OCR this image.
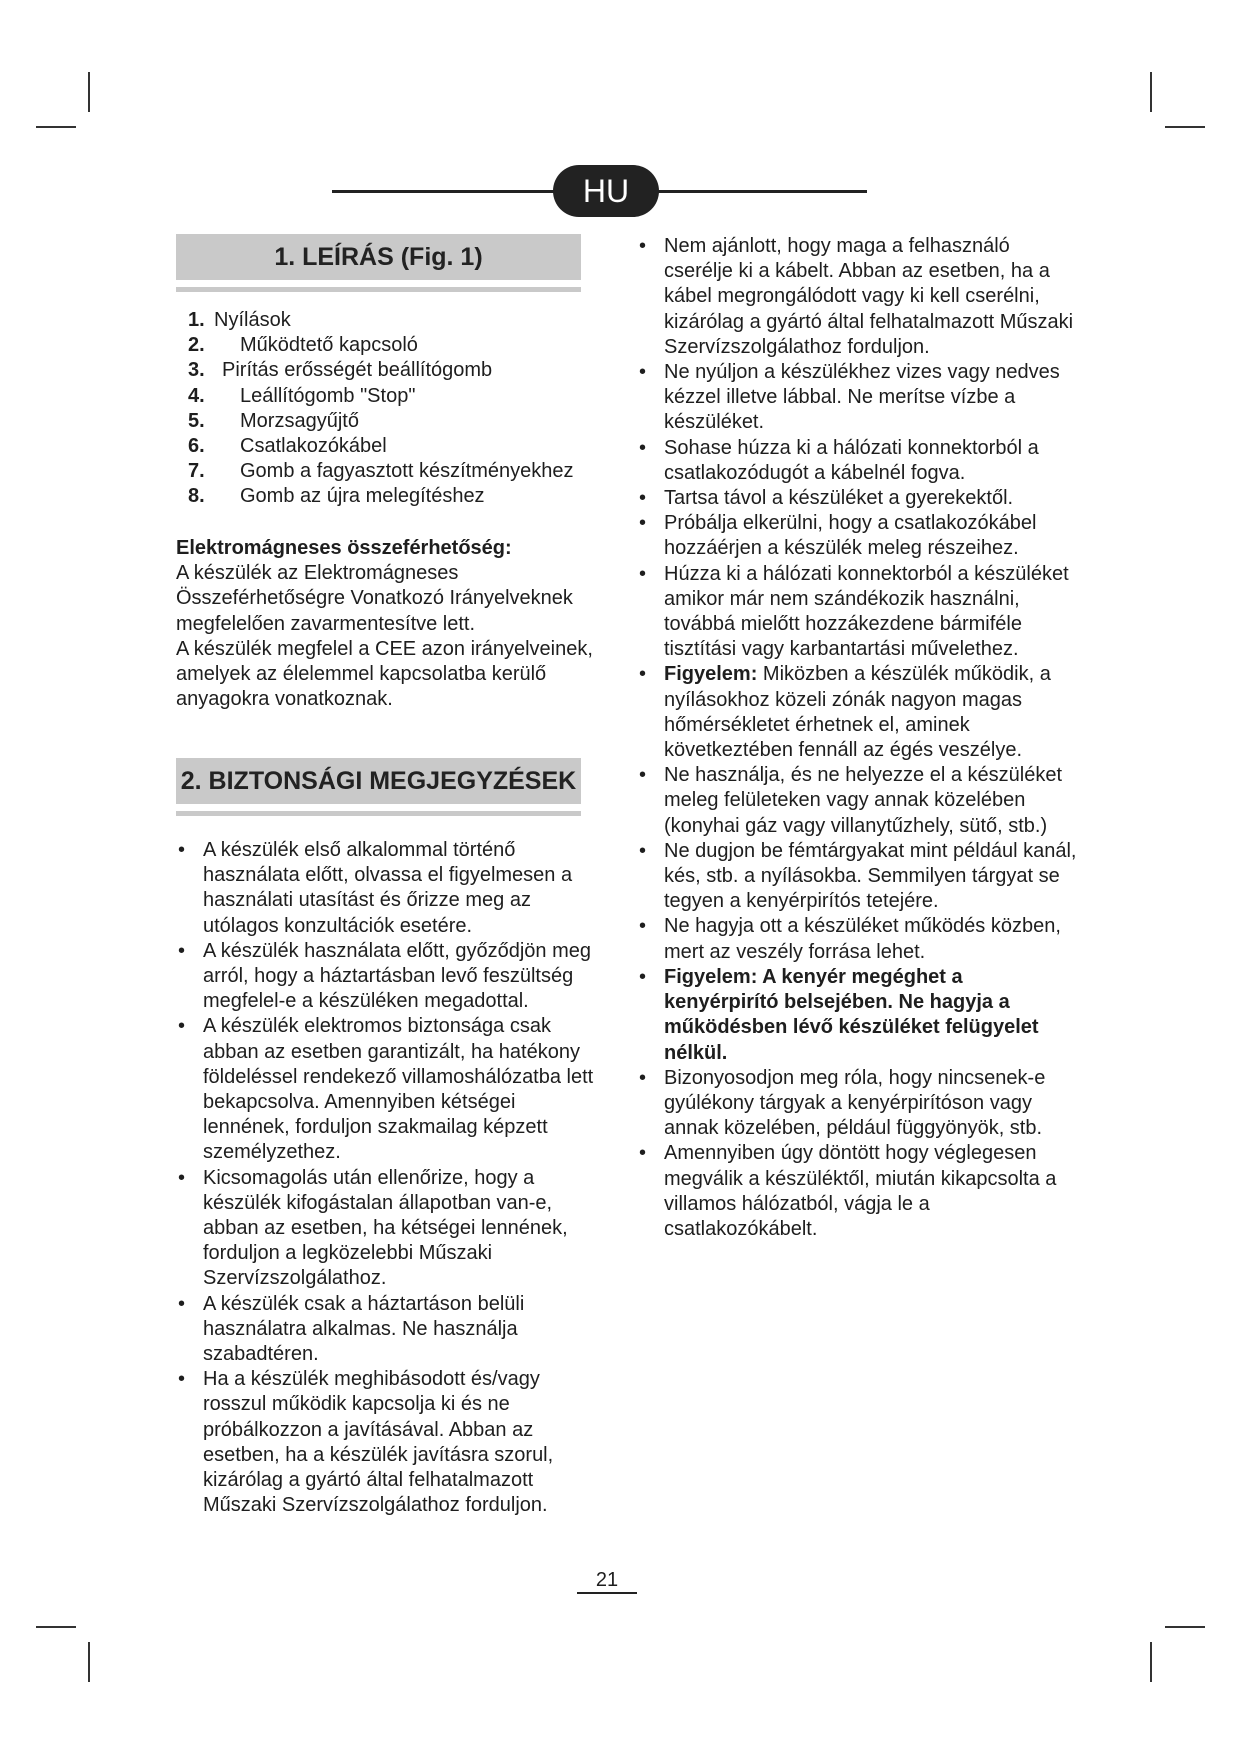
HU
1. LEÍRÁS (Fig. 1)
1. Nyílások
2.	Működtető kapcsoló
3. Pirítás erősségét beállítógomb
4.	Leállítógomb "Stop"
5.	Morzsagyűjtő
6.	Csatlakozókábel
7.	Gomb a fagyasztott készítményekhez
8.	Gomb az újra melegítéshez

Elektromágneses összeférhetőség:

A készülék az Elektromágneses Összeférhetőségre Vonatkozó Irányelveknek megfelelően zavarmentesítve lett.

A készülék megfelel a CEE azon irányelveinek, amelyek az élelemmel kapcsolatba kerülő anyagokra vonatkoznak.

2. BIZTONSÁGI MEGJEGYZÉSEK
• A készülék első alkalommal történő használata előtt, olvassa el figyelmesen a használati utasítást és őrizze meg az utólagos konzultációk esetére.
• A készülék használata előtt, győződjön meg arról, hogy a háztartásban levő feszültség megfelel-e a készüléken megadottal.
• A készülék elektromos biztonsága csak abban az esetben garantizált, ha hatékony földeléssel rendekező villamoshálózatba lett bekapcsolva. Amennyiben kétségei lennének, forduljon szakmailag képzett személyzethez.
• Kicsomagolás után ellenőrize, hogy a készülék kifogástalan állapotban van-e, abban az esetben, ha kétségei lennének, forduljon a legközelebbi Műszaki Szervízszolgálathoz.
• A készülék csak a háztartáson belüli használatra alkalmas. Ne használja szabadtéren.
• Ha a készülék meghibásodott és/vagy rosszul működik kapcsolja ki és ne próbálkozzon a javításával. Abban az esetben, ha a készülék javításra szorul, kizárólag a gyártó által felhatalmazott Műszaki Szervízszolgálathoz forduljon.
• Nem ajánlott, hogy maga a felhasználó cserélje ki a kábelt. Abban az esetben, ha a kábel megrongálódott vagy ki kell cserélni, kizárólag a gyártó által felhatalmazott Műszaki Szervízszolgálathoz forduljon.
• Ne nyúljon a készülékhez vizes vagy nedves kézzel illetve lábbal. Ne merítse vízbe a készüléket.
• Sohase húzza ki a hálózati konnektorból a csatlakozódugót a kábelnél fogva.
• Tartsa távol a készüléket a gyerekektől.
• Próbálja elkerülni, hogy a csatlakozókábel hozzáérjen a készülék meleg részeihez.
• Húzza ki a hálózati konnektorból a készüléket amikor már nem szándékozik használni, továbbá mielőtt hozzákezdene bármiféle tisztítási vagy karbantartási művelethez.
• Figyelem: Miközben a készülék működik, a nyílásokhoz közeli zónák nagyon magas hőmérsékletet érhetnek el, aminek következtében fennáll az égés veszélye.
• Ne használja, és ne helyezze el a készüléket meleg felületeken vagy annak közelében (konyhai gáz vagy villanytűzhely, sütő, stb.)
• Ne dugjon be fémtárgyakat mint például kanál, kés, stb. a nyílásokba. Semmilyen tárgyat se tegyen a kenyérpirítós tetejére.
• Ne hagyja ott a készüléket működés közben, mert az veszély forrása lehet.
• Figyelem: A kenyér megéghet a kenyérpirító belsejében. Ne hagyja a működésben lévő készüléket felügyelet nélkül.
• Bizonyosodjon meg róla, hogy nincsenek-e gyúlékony tárgyak a kenyérpirítóson vagy annak közelében, például függyönyök, stb.
• Amennyiben úgy döntött hogy véglegesen megválik a készüléktől, miután kikapcsolta a villamos hálózatból, vágja le a csatlakozókábelt.
21
